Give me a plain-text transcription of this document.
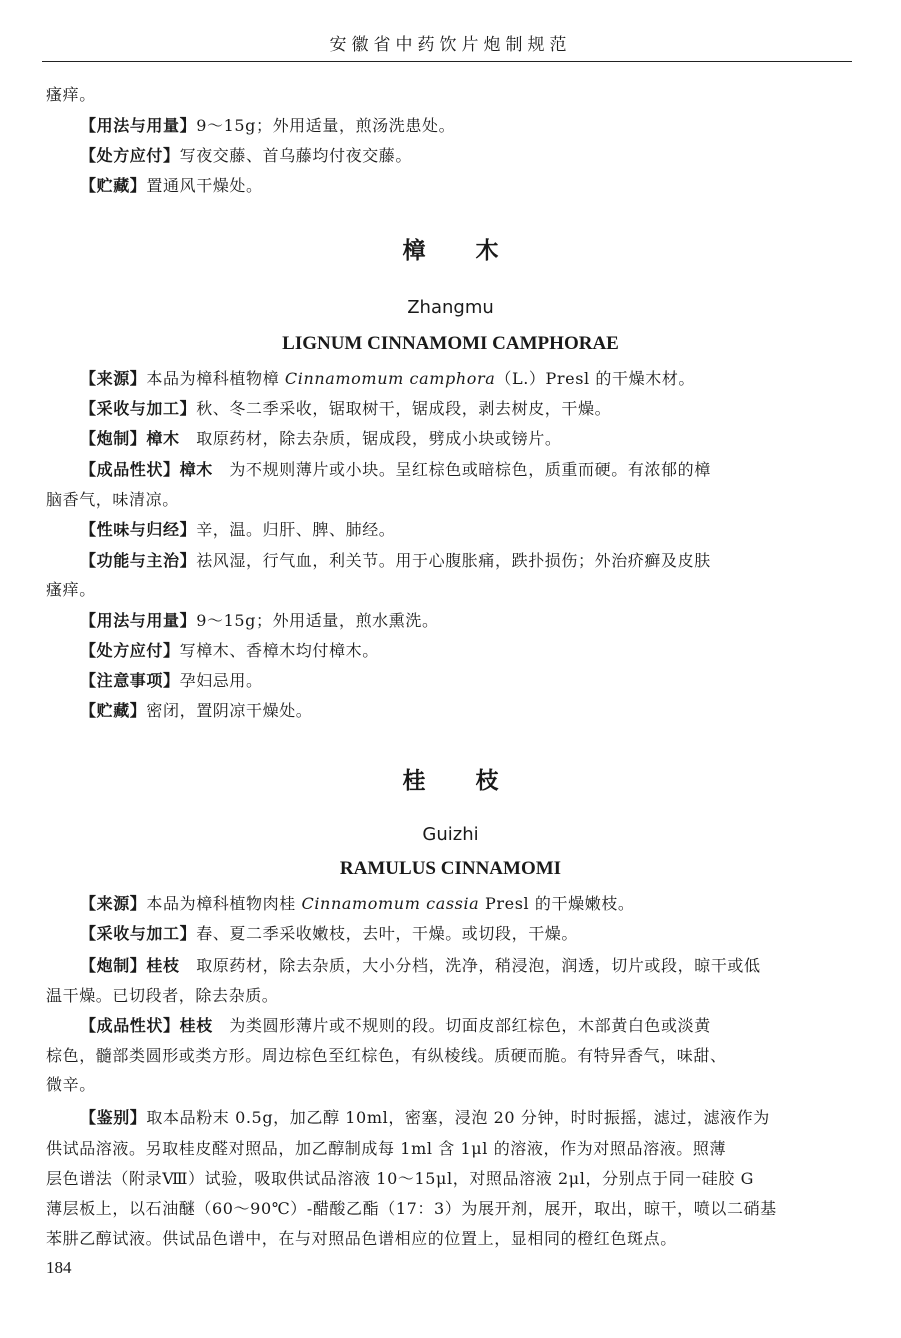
安徽省中药饮片炮制规范
瘙痒。
【用法与用量】9～15g；外用适量，煎汤洗患处。
【处方应付】写夜交藤、首乌藤均付夜交藤。
【贮藏】置通风干燥处。
樟 木
Zhangmu
LIGNUM CINNAMOMI CAMPHORAE
【来源】本品为樟科植物樟 Cinnamomum camphora（L.）Presl 的干燥木材。
【采收与加工】秋、冬二季采收，锯取树干，锯成段，剥去树皮，干燥。
【炮制】樟木　 取原药材，除去杂质，锯成段，劈成小块或镑片。
【成品性状】樟木　 为不规则薄片或小块。呈红棕色或暗棕色，质重而硬。有浓郁的樟
脑香气，味清凉。
【性味与归经】辛，温。归肝、脾、肺经。
【功能与主治】祛风湿，行气血，利关节。用于心腹胀痛，跌扑损伤；外治疥癣及皮肤
瘙痒。
【用法与用量】9～15g；外用适量，煎水熏洗。
【处方应付】写樟木、香樟木均付樟木。
【注意事项】孕妇忌用。
【贮藏】密闭，置阴凉干燥处。
桂 枝
Guizhi
RAMULUS CINNAMOMI
【来源】本品为樟科植物肉桂 Cinnamomum cassia Presl 的干燥嫩枝。
【采收与加工】春、夏二季采收嫩枝，去叶，干燥。或切段，干燥。
【炮制】桂枝　 取原药材，除去杂质，大小分档，洗净，稍浸泡，润透，切片或段，晾干或低
温干燥。已切段者，除去杂质。
【成品性状】桂枝　 为类圆形薄片或不规则的段。切面皮部红棕色，木部黄白色或淡黄
棕色，髓部类圆形或类方形。周边棕色至红棕色，有纵棱线。质硬而脆。有特异香气，味甜、
微辛。
【鉴别】取本品粉末 0.5g，加乙醇 10ml，密塞，浸泡 20 分钟，时时振摇，滤过，滤液作为
供试品溶液。另取桂皮醛对照品，加乙醇制成每 1ml 含 1μl 的溶液，作为对照品溶液。照薄
层色谱法（附录Ⅷ）试验，吸取供试品溶液 10～15μl，对照品溶液 2μl，分别点于同一硅胶 G
薄层板上，以石油醚（60～90℃）-醋酸乙酯（17：3）为展开剂，展开，取出，晾干，喷以二硝基
苯肼乙醇试液。供试品色谱中，在与对照品色谱相应的位置上，显相同的橙红色斑点。
184
